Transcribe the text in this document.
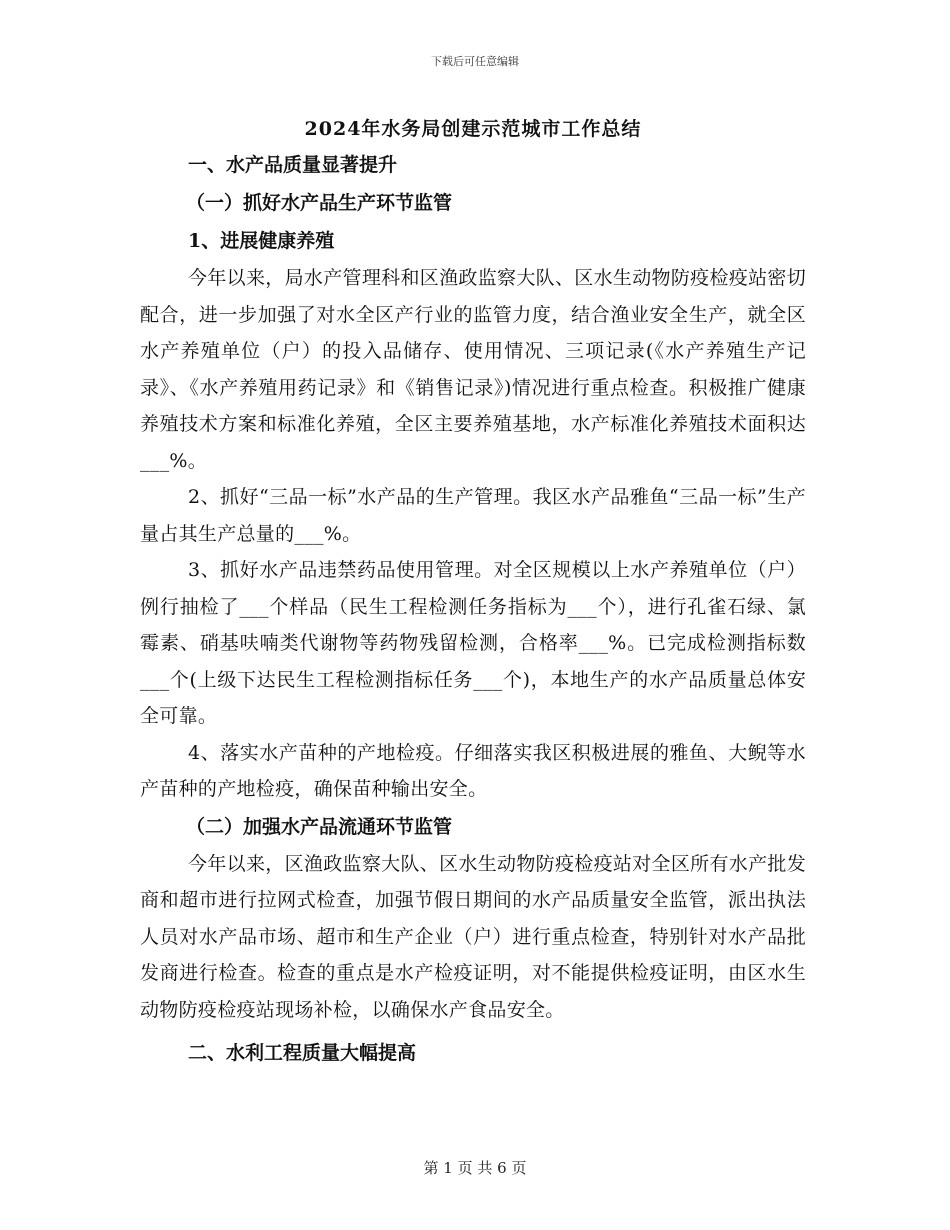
下载后可任意编辑
2024年水务局创建示范城市工作总结
一、水产品质量显著提升
（一）抓好水产品生产环节监管
1、进展健康养殖

今年以来，局水产管理科和区渔政监察大队、区水生动物防疫检疫站密切配合，进一步加强了对水全区产行业的监管力度，结合渔业安全生产，就全区水产养殖单位（户）的投入品储存、使用情况、三项记录(《水产养殖生产记录》、《水产养殖用药记录》和《销售记录》)情况进行重点检查。积极推广健康养殖技术方案和标准化养殖，全区主要养殖基地，水产标准化养殖技术面积达___%。

2、抓好“三品一标”水产品的生产管理。我区水产品雅鱼“三品一标”生产量占其生产总量的___%。

3、抓好水产品违禁药品使用管理。对全区规模以上水产养殖单位（户）例行抽检了___个样品（民生工程检测任务指标为___个），进行孔雀石绿、氯霉素、硝基呋喃类代谢物等药物残留检测，合格率___%。已完成检测指标数___个(上级下达民生工程检测指标任务___个)，本地生产的水产品质量总体安全可靠。

4、落实水产苗种的产地检疫。仔细落实我区积极进展的雅鱼、大鲵等水产苗种的产地检疫，确保苗种输出安全。

（二）加强水产品流通环节监管

今年以来，区渔政监察大队、区水生动物防疫检疫站对全区所有水产批发商和超市进行拉网式检查，加强节假日期间的水产品质量安全监管，派出执法人员对水产品市场、超市和生产企业（户）进行重点检查，特别针对水产品批发商进行检查。检查的重点是水产检疫证明，对不能提供检疫证明，由区水生动物防疫检疫站现场补检，以确保水产食品安全。

二、水利工程质量大幅提高
第 1 页 共 6 页
